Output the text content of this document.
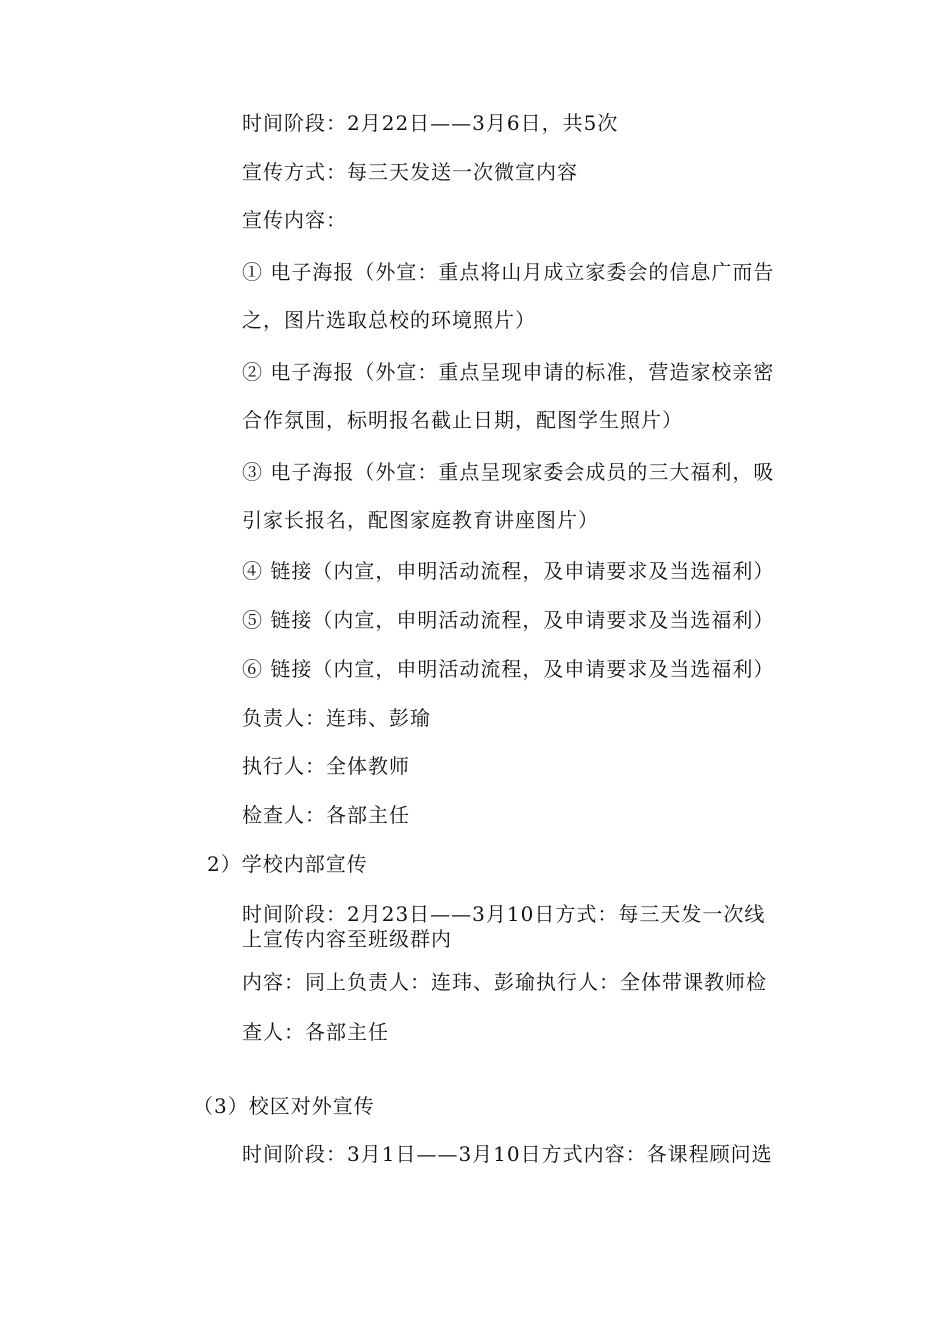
时间阶段：2月22日——3月6日，共5次
宣传方式：每三天发送一次微宣内容
宣传内容：
① 电子海报（外宣：重点将山月成立家委会的信息广而告
之，图片选取总校的环境照片）
② 电子海报（外宣：重点呈现申请的标准，营造家校亲密
合作氛围，标明报名截止日期，配图学生照片）
③ 电子海报（外宣：重点呈现家委会成员的三大福利，吸
引家长报名，配图家庭教育讲座图片）
④ 链接（内宣，申明活动流程，及申请要求及当选福利）
⑤ 链接（内宣，申明活动流程，及申请要求及当选福利）
⑥ 链接（内宣，申明活动流程，及申请要求及当选福利）
负责人：连玮、彭瑜
执行人：全体教师
检查人：各部主任
2）学校内部宣传
时间阶段：2月23日——3月10日方式：每三天发一次线
上宣传内容至班级群内
内容：同上负责人：连玮、彭瑜执行人：全体带课教师检
查人：各部主任
（3）校区对外宣传
时间阶段：3月1日——3月10日方式内容：各课程顾问选
